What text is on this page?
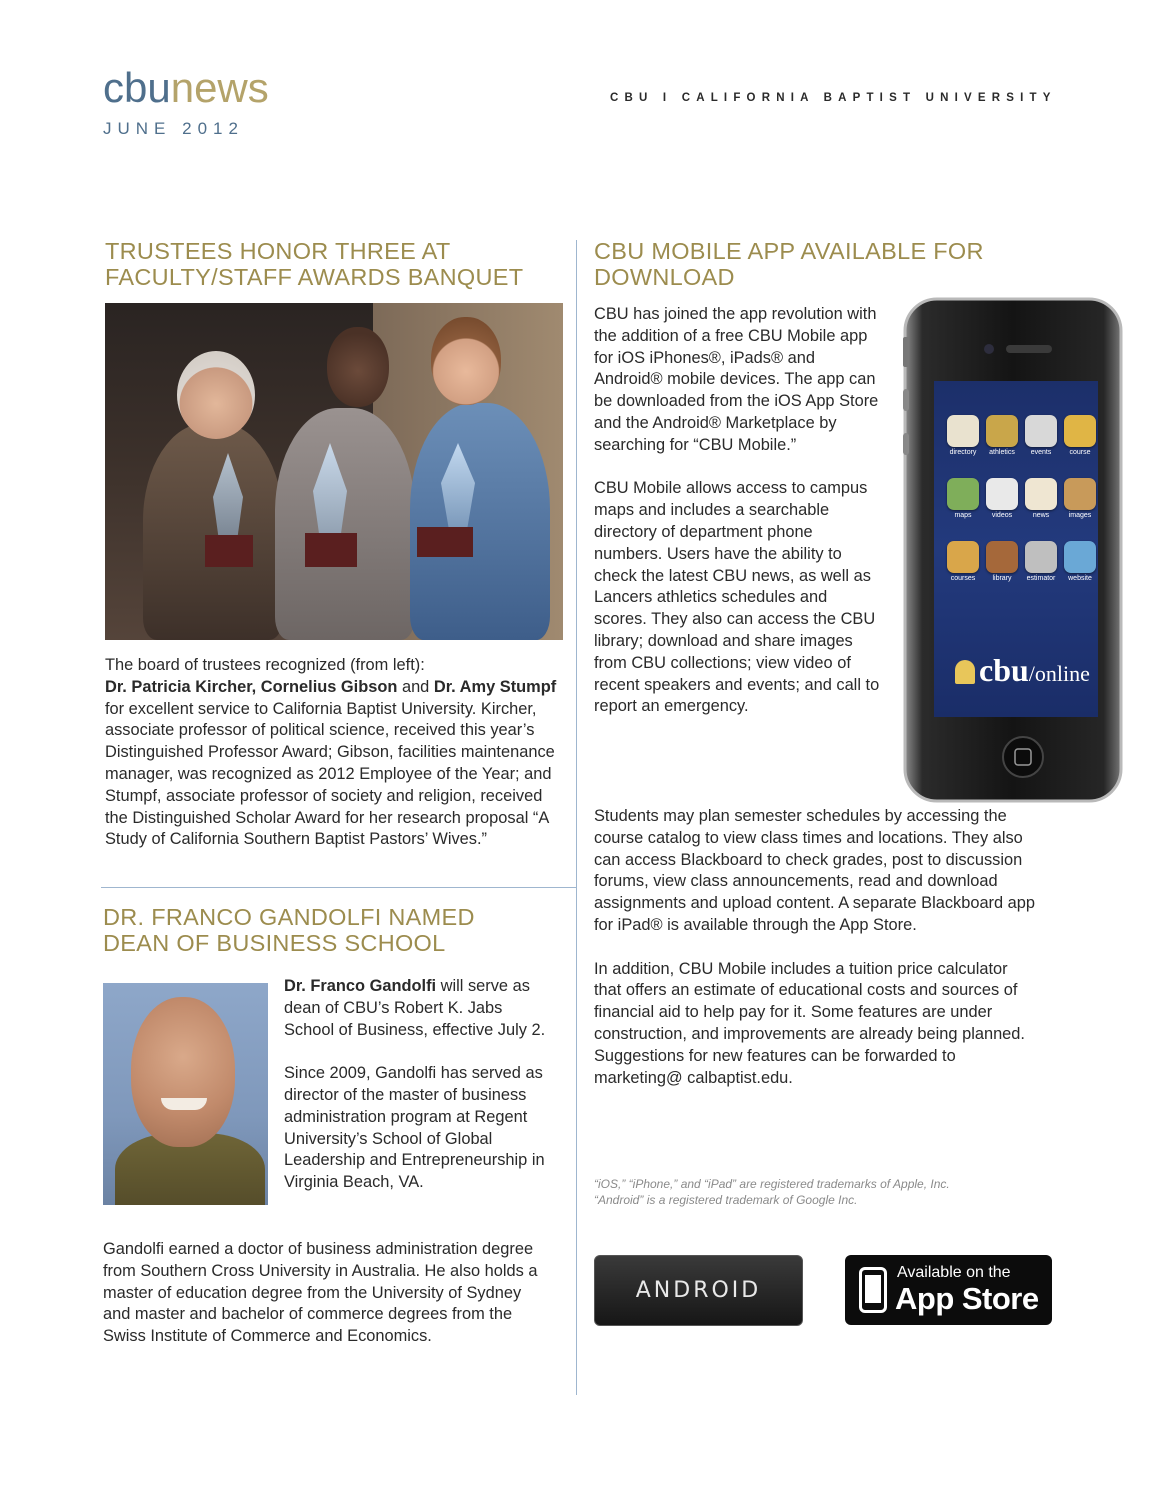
cbunews
JUNE 2012
CBU I CALIFORNIA BAPTIST UNIVERSITY
TRUSTEES HONOR THREE AT
FACULTY/STAFF AWARDS BANQUET
The board of trustees recognized (from left):
Dr. Patricia Kircher, Cornelius Gibson and Dr. Amy Stumpf for excellent service to California Baptist University. Kircher, associate professor of political science, received this year’s Distinguished Professor Award; Gibson, facilities maintenance manager, was recognized as 2012 Employee of the Year; and Stumpf, associate professor of society and religion, received the Distinguished Scholar Award for her research proposal “A Study of California Southern Baptist Pastors’ Wives.”
DR. FRANCO GANDOLFI NAMED
DEAN OF BUSINESS SCHOOL

Dr. Franco Gandolfi will serve as dean of CBU’s Robert K. Jabs School of Business, effective July 2.

Since 2009, Gandolfi has served as director of the master of business administration program at Regent University’s School of Global Leadership and Entrepreneurship in Virginia Beach, VA.

Gandolfi earned a doctor of business administration degree from Southern Cross University in Australia. He also holds a master of education degree from the University of Sydney and master and bachelor of commerce degrees from the Swiss Institute of Commerce and Economics.

CBU MOBILE APP AVAILABLE FOR
DOWNLOAD

CBU has joined the app revolution with the addition of a free CBU Mobile app for iOS iPhones®, iPads® and Android® mobile devices. The app can be downloaded from the iOS App Store and the Android® Marketplace by searching for “CBU Mobile.”

CBU Mobile allows access to campus maps and includes a searchable directory of department phone numbers. Users have the ability to check the latest CBU news, as well as Lancers athletics schedules and scores. They also can access the CBU library; download and share images from CBU collections; view video of recent speakers and events; and call to report an emergency.

Students may plan semester schedules by accessing the course catalog to view class times and locations. They also can access Blackboard to check grades, post to discussion forums, view class announcements, read and download assignments and upload content. A separate Blackboard app for iPad® is available through the App Store.

In addition, CBU Mobile includes a tuition price calculator that offers an estimate of educational costs and sources of financial aid to help pay for it. Some features are under construction, and improvements are already being planned. Suggestions for new features can be forwarded to marketing@ calbaptist.edu.

“iOS,” “iPhone,” and “iPad” are registered trademarks of Apple, Inc.
“Android” is a registered trademark of Google Inc.
directory athletics events	course
maps	videos	news	images
courses library estimator website
cbu/online
ANDROID
Available on the
App Store
